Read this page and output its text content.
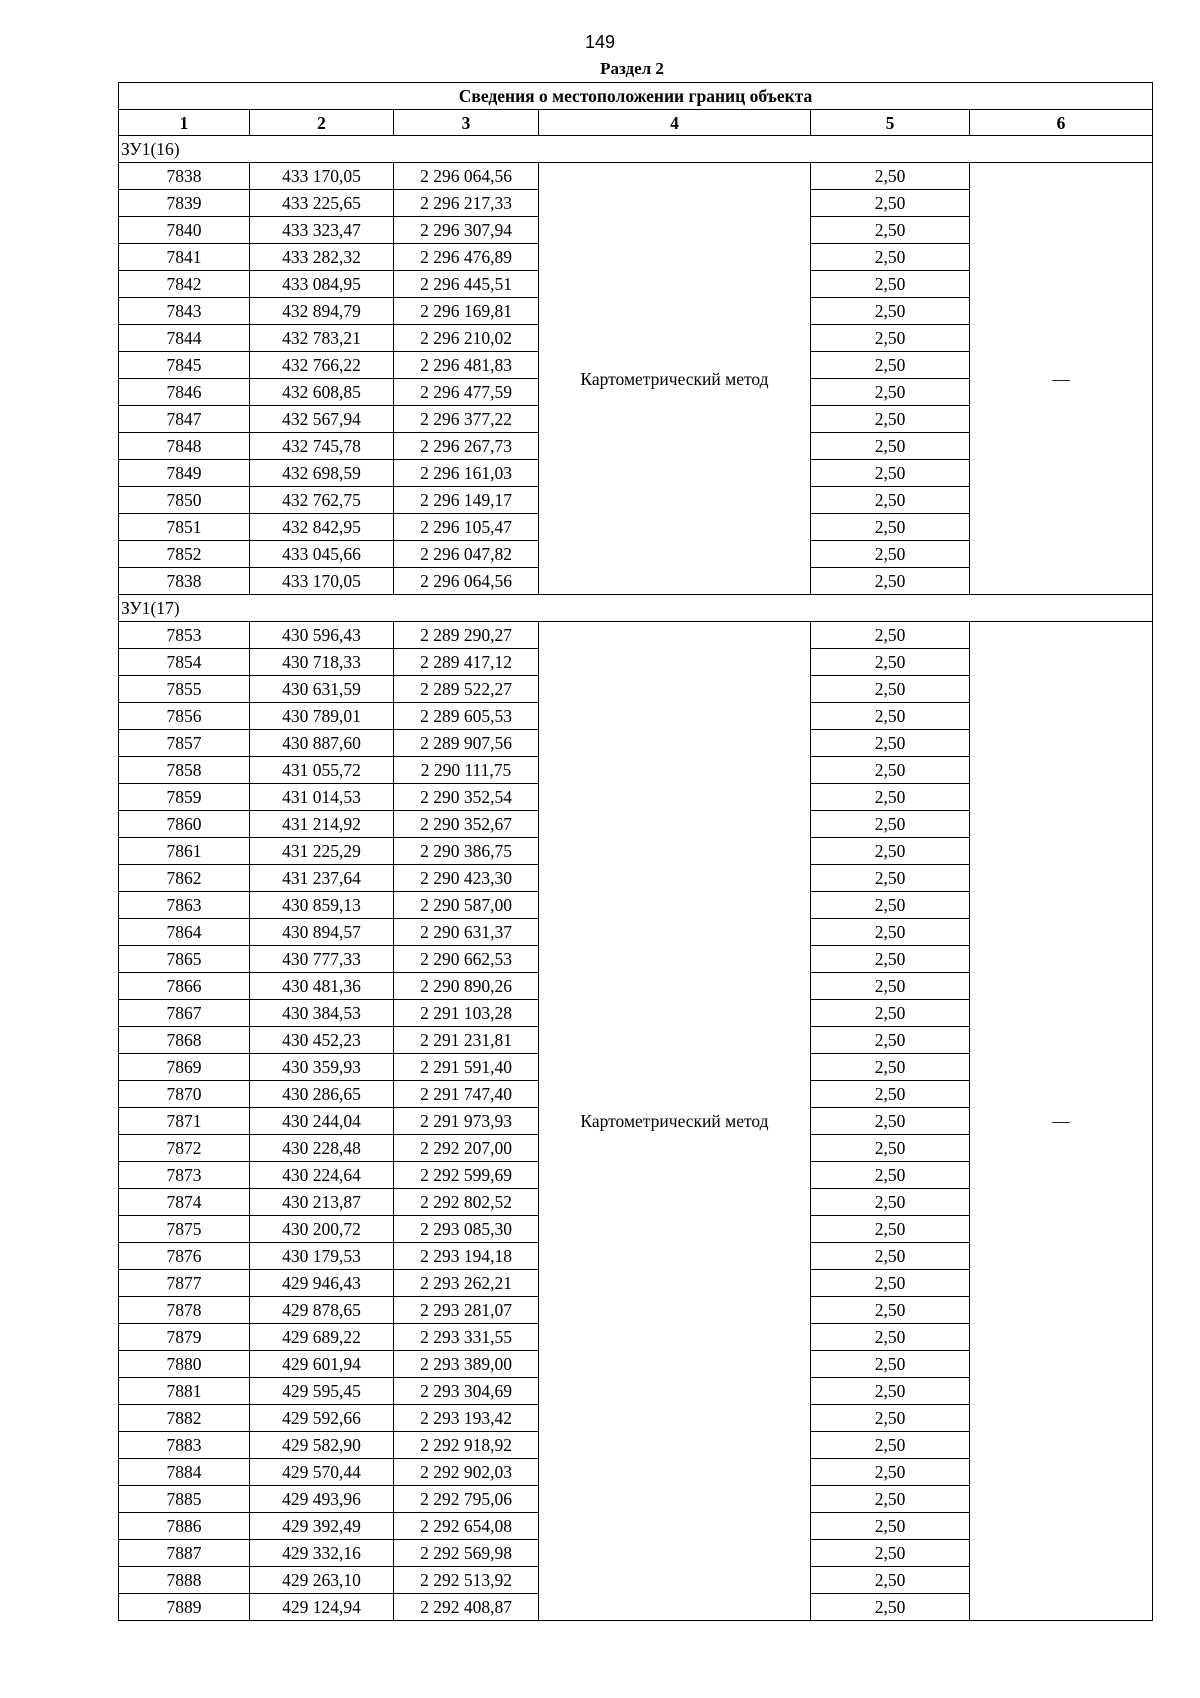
149
Раздел 2
Сведения о местоположении границ объекта					
1	2	3	4	5	6
ЗУ1(16)					
7838	433 170,05	2 296 064,56	Картометрический метод	2,50	—
7839	433 225,65	2 296 217,33		2,50	
7840	433 323,47	2 296 307,94		2,50	
7841	433 282,32	2 296 476,89		2,50	
7842	433 084,95	2 296 445,51		2,50	
7843	432 894,79	2 296 169,81		2,50	
7844	432 783,21	2 296 210,02		2,50	
7845	432 766,22	2 296 481,83		2,50	
7846	432 608,85	2 296 477,59		2,50	
7847	432 567,94	2 296 377,22		2,50	
7848	432 745,78	2 296 267,73		2,50	
7849	432 698,59	2 296 161,03		2,50	
7850	432 762,75	2 296 149,17		2,50	
7851	432 842,95	2 296 105,47		2,50	
7852	433 045,66	2 296 047,82		2,50	
7838	433 170,05	2 296 064,56		2,50	
ЗУ1(17)					
7853	430 596,43	2 289 290,27	Картометрический метод	2,50	—
7854	430 718,33	2 289 417,12		2,50	
7855	430 631,59	2 289 522,27		2,50	
7856	430 789,01	2 289 605,53		2,50	
7857	430 887,60	2 289 907,56		2,50	
7858	431 055,72	2 290 111,75		2,50	
7859	431 014,53	2 290 352,54		2,50	
7860	431 214,92	2 290 352,67		2,50	
7861	431 225,29	2 290 386,75		2,50	
7862	431 237,64	2 290 423,30		2,50	
7863	430 859,13	2 290 587,00		2,50	
7864	430 894,57	2 290 631,37		2,50	
7865	430 777,33	2 290 662,53		2,50	
7866	430 481,36	2 290 890,26		2,50	
7867	430 384,53	2 291 103,28		2,50	
7868	430 452,23	2 291 231,81		2,50	
7869	430 359,93	2 291 591,40		2,50	
7870	430 286,65	2 291 747,40		2,50	
7871	430 244,04	2 291 973,93		2,50	
7872	430 228,48	2 292 207,00		2,50	
7873	430 224,64	2 292 599,69		2,50	
7874	430 213,87	2 292 802,52		2,50	
7875	430 200,72	2 293 085,30		2,50	
7876	430 179,53	2 293 194,18		2,50	
7877	429 946,43	2 293 262,21		2,50	
7878	429 878,65	2 293 281,07		2,50	
7879	429 689,22	2 293 331,55		2,50	
7880	429 601,94	2 293 389,00		2,50	
7881	429 595,45	2 293 304,69		2,50	
7882	429 592,66	2 293 193,42		2,50	
7883	429 582,90	2 292 918,92		2,50	
7884	429 570,44	2 292 902,03		2,50	
7885	429 493,96	2 292 795,06		2,50	
7886	429 392,49	2 292 654,08		2,50	
7887	429 332,16	2 292 569,98		2,50	
7888	429 263,10	2 292 513,92		2,50	
7889	429 124,94	2 292 408,87		2,50	
